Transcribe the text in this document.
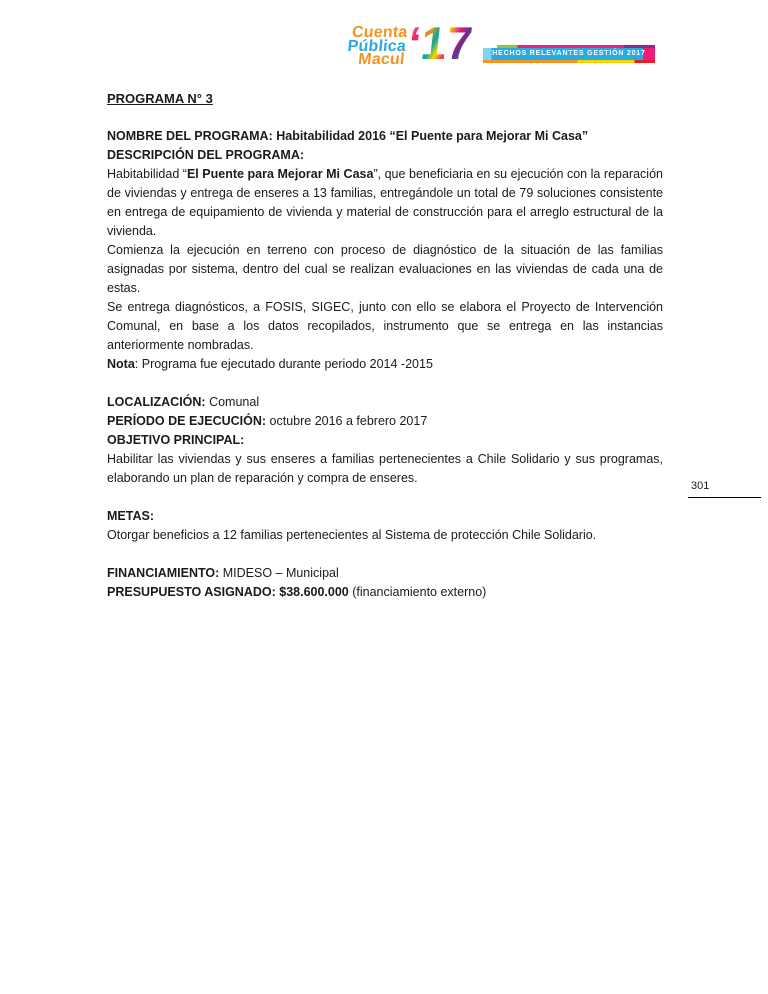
Cuenta
Pública
Macul ‘17	HECHOS RELEVANTES GESTIÓN 2017
301
PROGRAMA N° 3

NOMBRE DEL PROGRAMA: Habitabilidad 2016 “El Puente para Mejorar Mi Casa”

DESCRIPCIÓN DEL PROGRAMA:

Habitabilidad “El Puente para Mejorar Mi Casa”, que beneficiaria en su ejecución con la reparación de viviendas y entrega de enseres a 13 familias, entregándole un total de 79 soluciones consistente en entrega de equipamiento de vivienda y material de construcción para el arreglo estructural de la vivienda.

Comienza la ejecución en terreno con proceso de diagnóstico de la situación de las familias asignadas por sistema, dentro del cual se realizan evaluaciones en las viviendas de cada una de estas.

Se entrega diagnósticos, a FOSIS, SIGEC, junto con ello se elabora el Proyecto de Intervención Comunal, en base a los datos recopilados, instrumento que se entrega en las instancias anteriormente nombradas.

Nota: Programa fue ejecutado durante periodo 2014 -2015

LOCALIZACIÓN: Comunal

PERÍODO DE EJECUCIÓN: octubre 2016 a febrero 2017

OBJETIVO PRINCIPAL:

Habilitar las viviendas y sus enseres a familias pertenecientes a Chile Solidario y sus programas, elaborando un plan de reparación y compra de enseres.

METAS:

Otorgar beneficios a 12 familias pertenecientes al Sistema de protección Chile Solidario.

FINANCIAMIENTO: MIDESO – Municipal

PRESUPUESTO ASIGNADO: $38.600.000 (financiamiento externo)
